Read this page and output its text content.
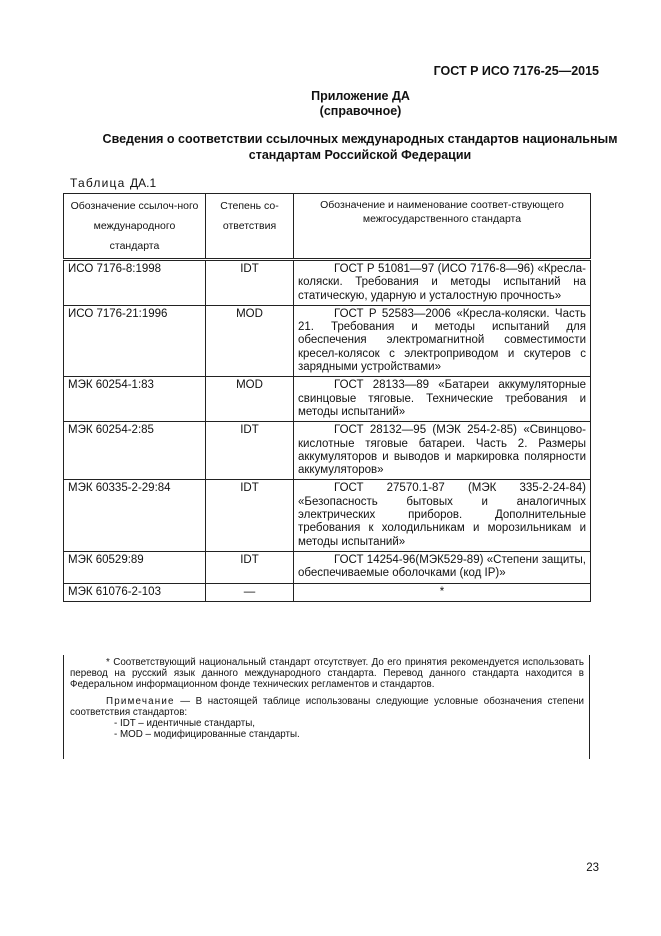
ГОСТ Р ИСО 7176-25—2015
Приложение ДА
(справочное)
Сведения о соответствии ссылочных международных стандартов национальным стандартам Российской Федерации
Таблица ДА.1
Обозначение ссылоч-ного международного стандарта	Степень со-ответствия	Обозначение и наименование соответ-ствующего межгосударственного стандарта
ИСО 7176-8:1998	IDT	ГОСТ Р 51081—97 (ИСО 7176-8—96) «Кресла-коляски. Требования и методы испытаний на статическую, ударную и усталостную прочность»
ИСО 7176-21:1996	MOD	ГОСТ Р 52583—2006 «Кресла-коляски. Часть 21. Требования и методы испытаний для обеспечения электромагнитной совместимости кресел-колясок с электроприводом и скутеров с зарядными устройствами»
МЭК 60254-1:83	MOD	ГОСТ 28133—89 «Батареи аккумуляторные свинцовые тяговые. Технические требования и методы испытаний»
МЭК 60254-2:85	IDT	ГОСТ 28132—95 (МЭК 254-2-85) «Свинцово-кислотные тяговые батареи. Часть 2. Размеры аккумуляторов и выводов и маркировка полярности аккумуляторов»
МЭК 60335-2-29:84	IDT	ГОСТ 27570.1-87 (МЭК 335-2-24-84) «Безопасность бытовых и аналогичных электрических приборов. Дополнительные требования к холодильникам и морозильникам и методы испытаний»
МЭК 60529:89	IDT	ГОСТ 14254-96(МЭК529-89) «Степени защиты, обеспечиваемые оболочками (код IP)»
МЭК 61076-2-103	—	*

* Соответствующий национальный стандарт отсутствует. До его принятия рекомендуется использовать перевод на русский язык данного международного стандарта. Перевод данного стандарта находится в Федеральном информационном фонде технических регламентов и стандартов.

Примечание — В настоящей таблице использованы следующие условные обозначения степени соответствия стандартов:

- IDT – идентичные стандарты,

- MOD – модифицированные стандарты.

23
